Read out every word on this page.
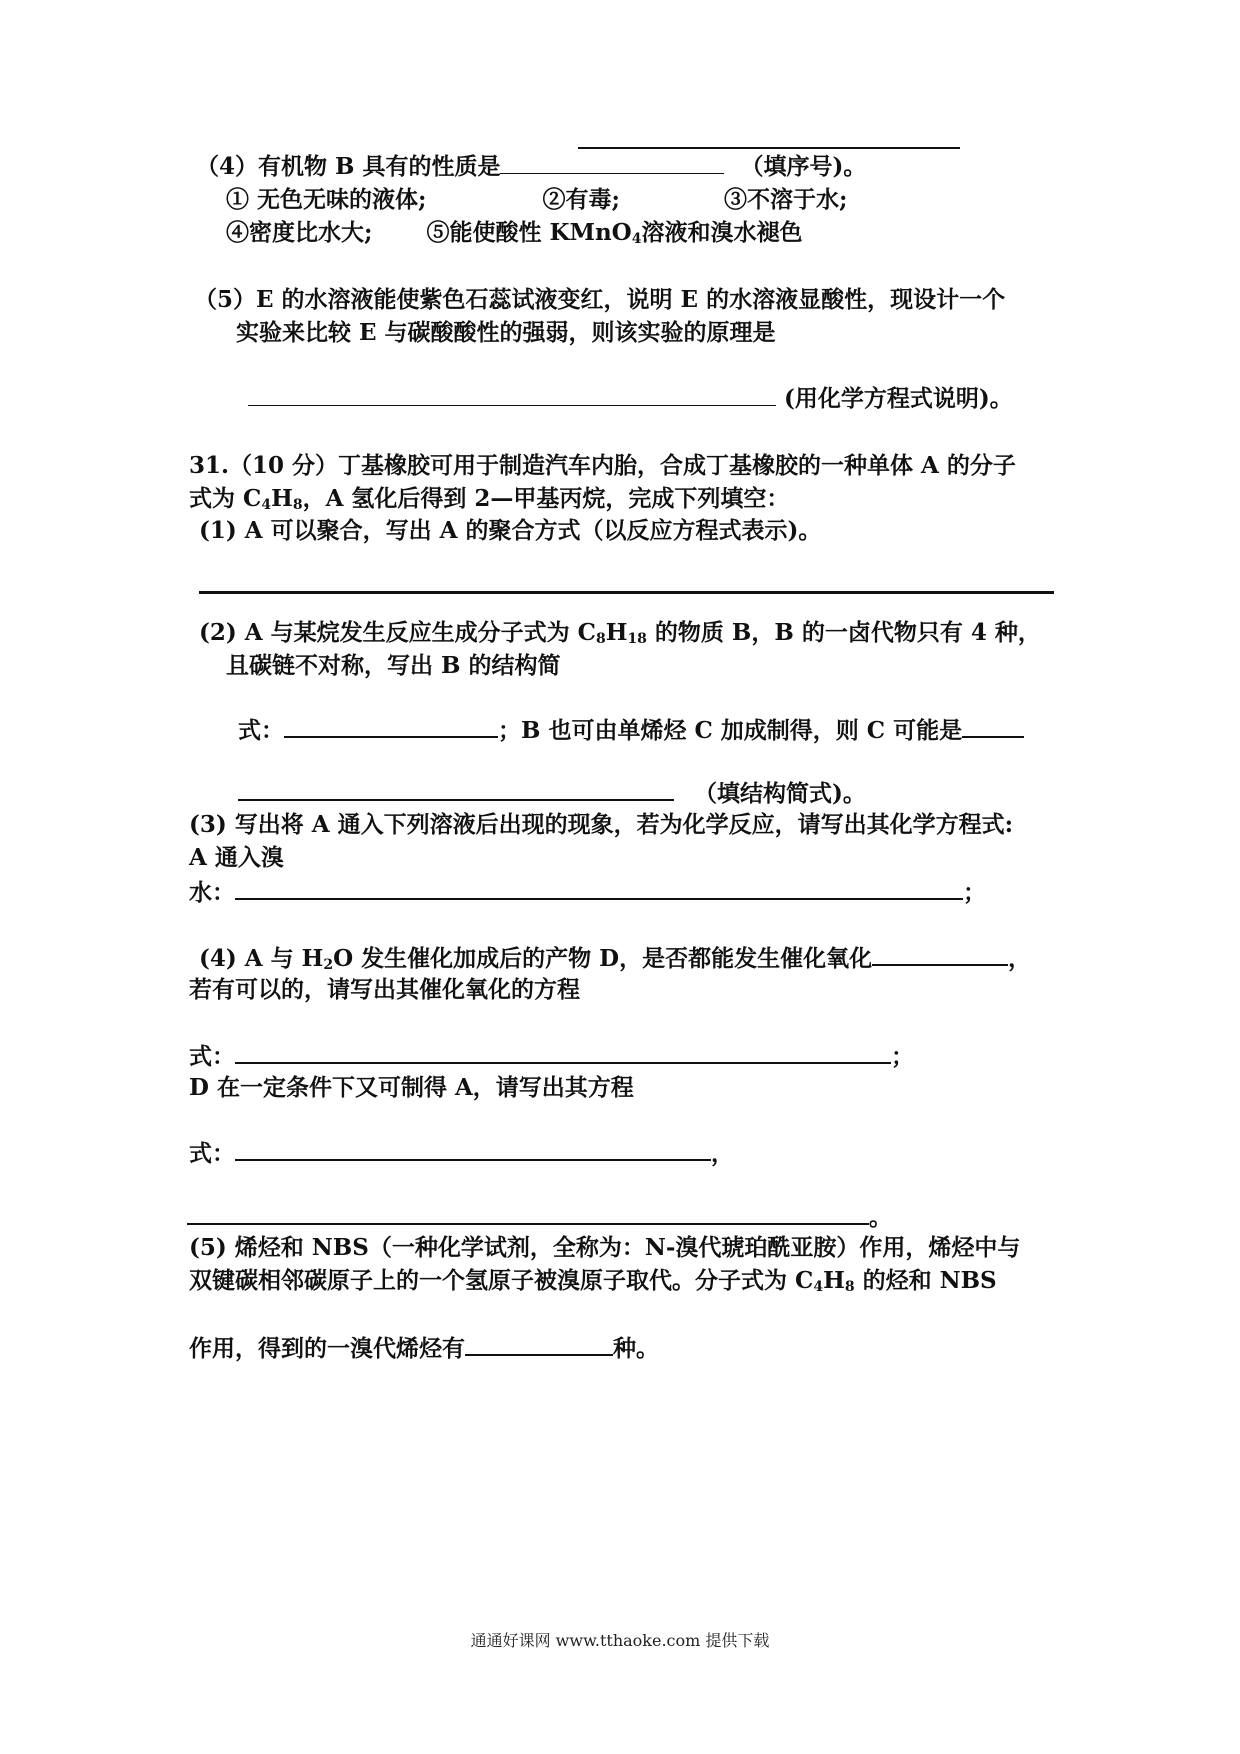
（4）有机物 B 具有的性质是	（填序号)。
① 无色无味的液体;	②有毒;	③不溶于水;
④密度比水大; ⑤能使酸性 KMnO$_4$溶液和溴水褪色
（5）E 的水溶液能使紫色石蕊试液变红，说明 E 的水溶液显酸性，现设计一个
实验来比较 E 与碳酸酸性的强弱，则该实验的原理是
(用化学方程式说明)。
31.（10 分）丁基橡胶可用于制造汽车内胎，合成丁基橡胶的一种单体 A 的分子
式为 $C_4H_8$，A 氢化后得到 2—甲基丙烷，完成下列填空：
(1) A 可以聚合，写出 A 的聚合方式（以反应方程式表示)。
(2) A 与某烷发生反应生成分子式为 $C_8H_{18}$ 的物质 B，B 的一卤代物只有 4 种，
且碳链不对称，写出 B 的结构简
式：	；B 也可由单烯烃 C 加成制得，则 C 可能是
（填结构简式)。
(3) 写出将 A 通入下列溶液后出现的现象，若为化学反应，请写出其化学方程式:
A 通入溴
水：	；
(4) A 与 $H_2O$ 发生催化加成后的产物 D，是否都能发生催化氧化	，
若有可以的，请写出其催化氧化的方程
式：	；
D 在一定条件下又可制得 A，请写出其方程
式：	，
。
(5) 烯烃和 NBS（一种化学试剂，全称为：N-溴代琥珀酰亚胺）作用，烯烃中与
双键碳相邻碳原子上的一个氢原子被溴原子取代。分子式为 $C_4H_8$ 的烃和 NBS
作用，得到的一溴代烯烃有	种。
通通好课网 www.tthaoke.com 提供下载
